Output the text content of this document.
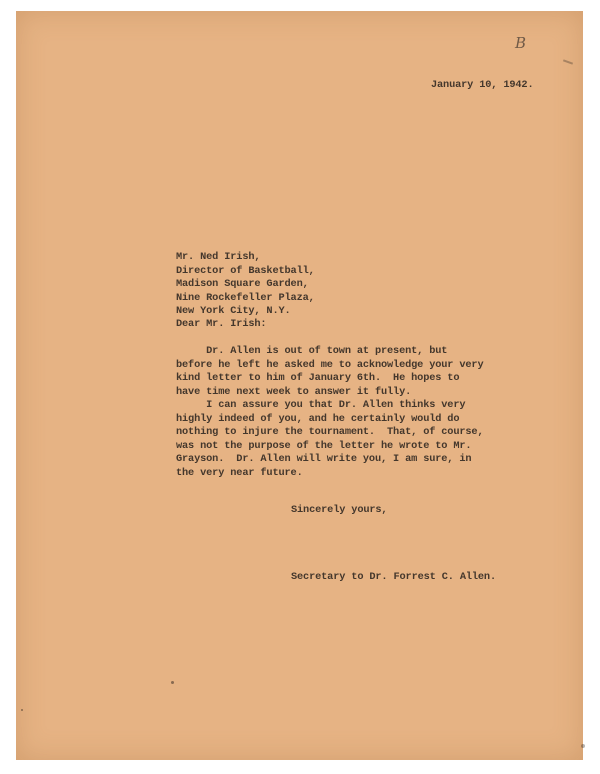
B
January 10, 1942.
Mr. Ned Irish,
Director of Basketball,
Madison Square Garden,
Nine Rockefeller Plaza,
New York City, N.Y.
Dear Mr. Irish:
Dr. Allen is out of town at present, but
before he left he asked me to acknowledge your very
kind letter to him of January 6th.  He hopes to
have time next week to answer it fully.
I can assure you that Dr. Allen thinks very
highly indeed of you, and he certainly would do
nothing to injure the tournament.  That, of course,
was not the purpose of the letter he wrote to Mr.
Grayson.  Dr. Allen will write you, I am sure, in
the very near future.
Sincerely yours,
Secretary to Dr. Forrest C. Allen.
